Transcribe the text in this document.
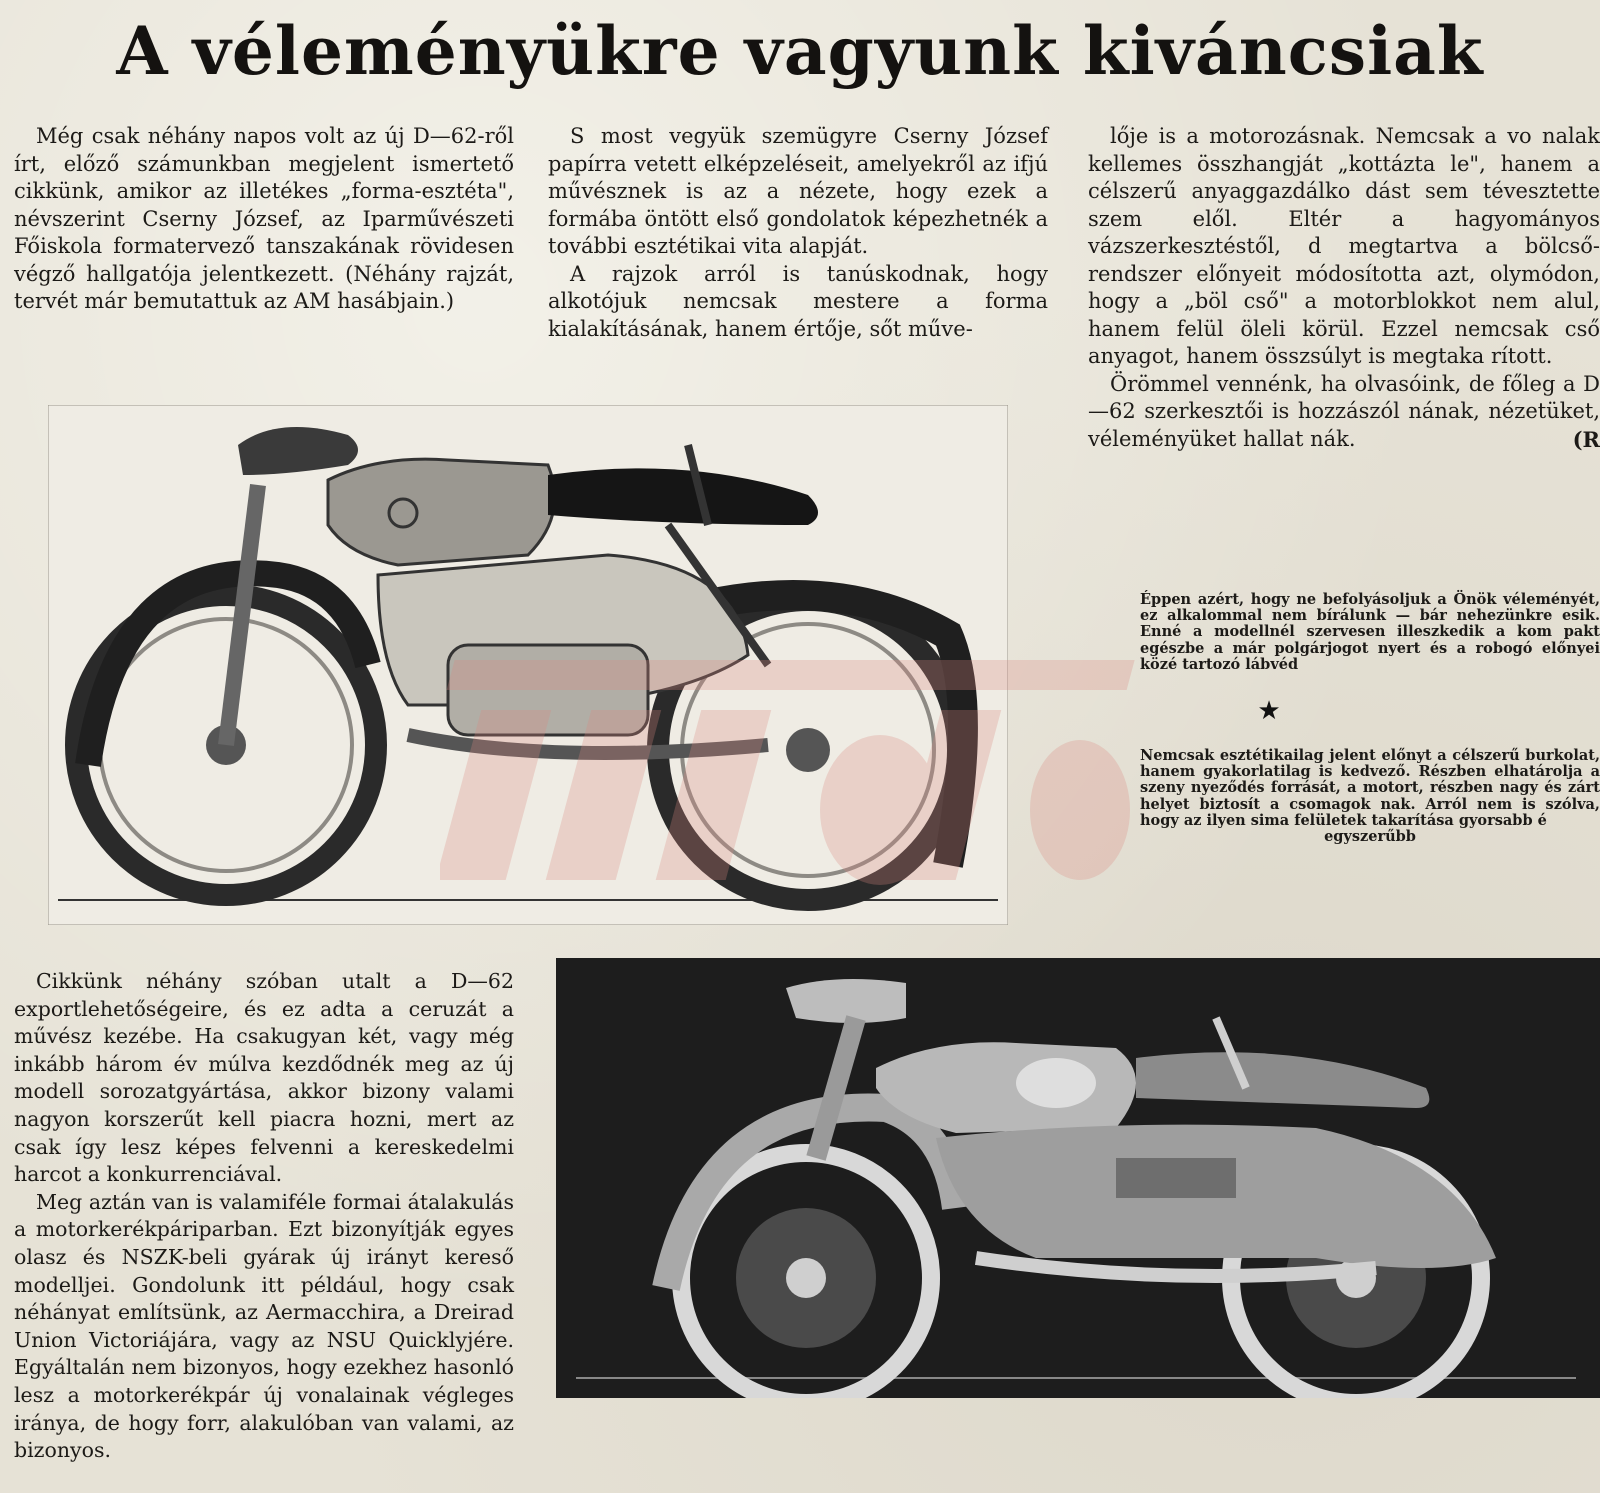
A véleményükre vagyunk kiváncsiak

Még csak néhány napos volt az új D—62-ről írt, előző számunkban megjelent ismertető cikkünk, amikor az illetékes „forma-esztéta", névszerint Cserny József, az Iparművészeti Főiskola formatervező tanszakának rövidesen végző hallgatója jelentkezett. (Néhány rajzát, tervét már bemutattuk az AM hasábjain.)

S most vegyük szemügyre Cserny József papírra vetett elképzeléseit, amelyekről az ifjú művésznek is az a nézete, hogy ezek a formába öntött első gondolatok képezhetnék a további esztétikai vita alapját.

A rajzok arról is tanúskodnak, hogy alkotójuk nemcsak mestere a forma kialakításának, hanem értője, sőt műve-

lője is a motorozásnak. Nemcsak a vo nalak kellemes összhangját „kottázta le", hanem a célszerű anyaggazdálko dást sem tévesztette szem elől. Eltér a hagyományos vázszerkesztéstől, d megtartva a bölcső-rendszer előnyeit módosította azt, olymódon, hogy a „böl cső" a motorblokkot nem alul, hanem felül öleli körül. Ezzel nemcsak cső anyagot, hanem összsúlyt is megtaka rított.

Örömmel vennénk, ha olvasóink, de főleg a D—62 szerkesztői is hozzászól nának, nézetüket, véleményüket hallat nák.	(R

Éppen azért, hogy ne befolyásoljuk a Önök véleményét, ez alkalommal nem bírálunk — bár nehezünkre esik. Enné a modellnél szervesen illeszkedik a kom pakt egészbe a már polgárjogot nyert és a robogó előnyei közé tartozó lábvéd
★
Nemcsak esztétikailag jelent előnyt a célszerű burkolat, hanem gyakorlatilag is kedvező. Részben elhatárolja a szeny nyeződés forrását, a motort, részben nagy és zárt helyet biztosít a csomagok nak. Arról nem is szólva, hogy az ilyen sima felületek takarítása gyorsabb é
egyszerűbb

Cikkünk néhány szóban utalt a D—62 exportlehetőségeire, és ez adta a ceruzát a művész kezébe. Ha csakugyan két, vagy még inkább három év múlva kezdődnék meg az új modell sorozatgyártása, akkor bizony valami nagyon korszerűt kell piacra hozni, mert az csak így lesz képes felvenni a kereskedelmi harcot a konkurrenciával.

Meg aztán van is valamiféle formai átalakulás a motorkerékpáriparban. Ezt bizonyítják egyes olasz és NSZK-beli gyárak új irányt kereső modelljei. Gondolunk itt például, hogy csak néhányat említsünk, az Aermacchira, a Dreirad Union Victoriájára, vagy az NSU Quicklyjére. Egyáltalán nem bizonyos, hogy ezekhez hasonló lesz a motorkerékpár új vonalainak végleges iránya, de hogy forr, alakulóban van valami, az bizonyos.
